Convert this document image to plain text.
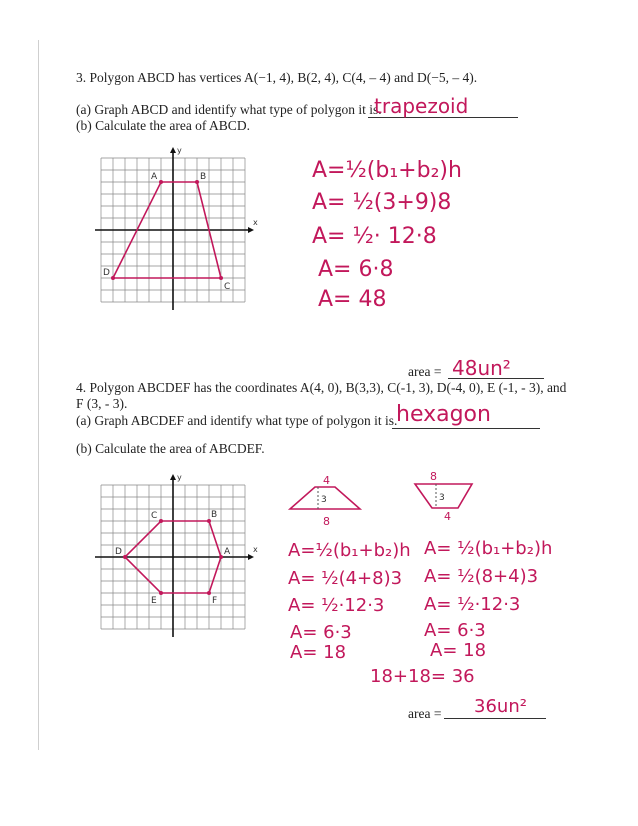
3. Polygon ABCD has vertices A(−1, 4), B(2, 4), C(4, – 4) and D(−5, – 4).
(a) Graph ABCD and identify what type of polygon it is.
trapezoid
(b) Calculate the area of ABCD.
x
y
A	B
C
D
A=½(b₁+b₂)h
A= ½(3+9)8
A= ½· 12·8
A= 6·8
A= 48
area = 48un²
4. Polygon ABCDEF has the coordinates A(4, 0), B(3,3), C(-1, 3), D(-4, 0), E (-1, - 3), and
F (3, - 3).
(a) Graph ABCDEF and identify what type of polygon it is.
hexagon
(b) Calculate the area of ABCDEF.
x
y
A
B
C
D
E	F
4
3
8
8
3
4
A=½(b₁+b₂)h
A= ½(4+8)3
A= ½·12·3
A= 6·3
A= 18
A= ½(b₁+b₂)h
A= ½(8+4)3
A= ½·12·3
A= 6·3
A= 18
18+18= 36
area = 36un²
